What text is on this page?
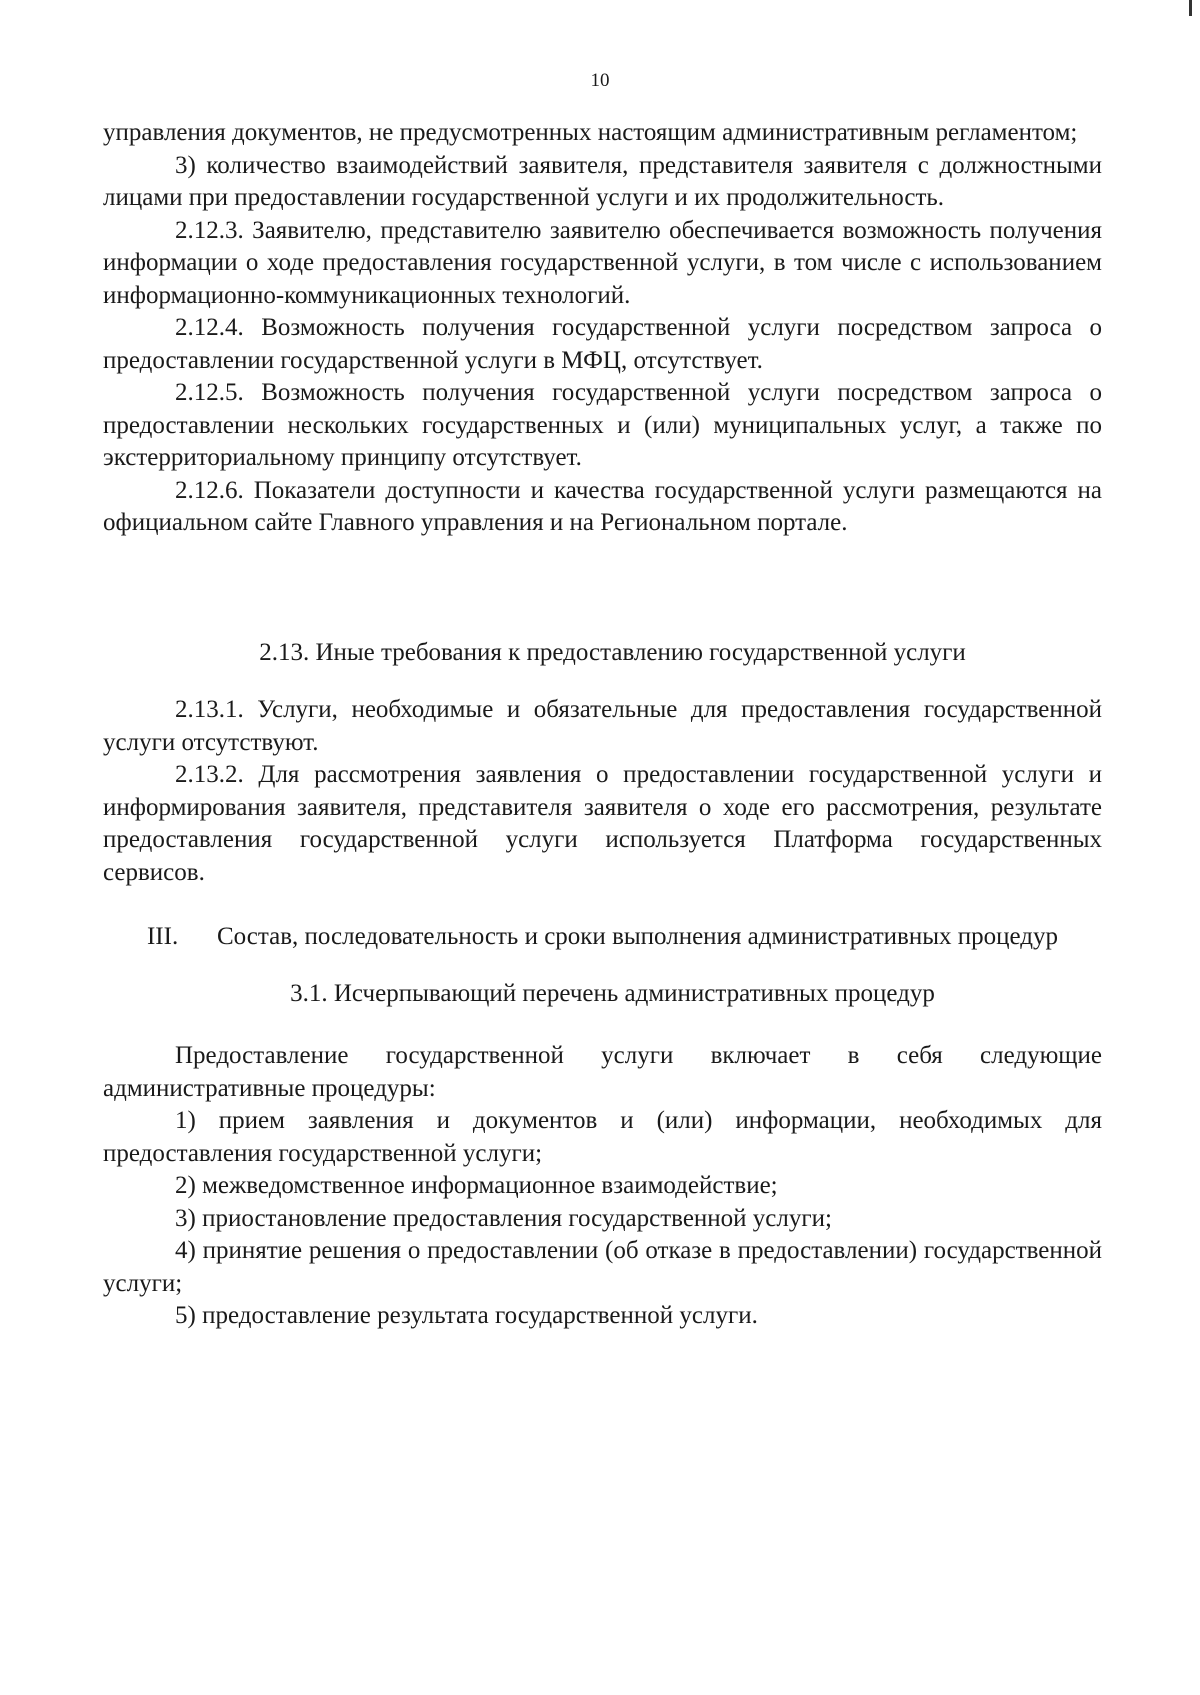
10

управления документов, не предусмотренных настоящим административным регламентом;

3) количество взаимодействий заявителя, представителя заявителя с должностными лицами при предоставлении государственной услуги и их продолжительность.

2.12.3. Заявителю, представителю заявителю обеспечивается возможность получения информации о ходе предоставления государственной услуги, в том числе с использованием информационно-коммуникационных технологий.

2.12.4. Возможность получения государственной услуги посредством запроса о предоставлении государственной услуги в МФЦ, отсутствует.

2.12.5. Возможность получения государственной услуги посредством запроса о предоставлении нескольких государственных и (или) муниципальных услуг, а также по экстерриториальному принципу отсутствует.

2.12.6. Показатели доступности и качества государственной услуги размещаются на официальном сайте Главного управления и на Региональном портале.

2.13. Иные требования к предоставлению государственной услуги

2.13.1. Услуги, необходимые и обязательные для предоставления государственной услуги отсутствуют.

2.13.2. Для рассмотрения заявления о предоставлении государственной услуги и информирования заявителя, представителя заявителя о ходе его рассмотрения, результате предоставления государственной услуги используется Платформа государственных сервисов.

III. Состав, последовательность и сроки выполнения административных процедур
3.1. Исчерпывающий перечень административных процедур

Предоставление государственной услуги включает в себя следующие административные процедуры:

1) прием заявления и документов и (или) информации, необходимых для предоставления государственной услуги;

2) межведомственное информационное взаимодействие;

3) приостановление предоставления государственной услуги;

4) принятие решения о предоставлении (об отказе в предоставлении) государственной услуги;

5) предоставление результата государственной услуги.
